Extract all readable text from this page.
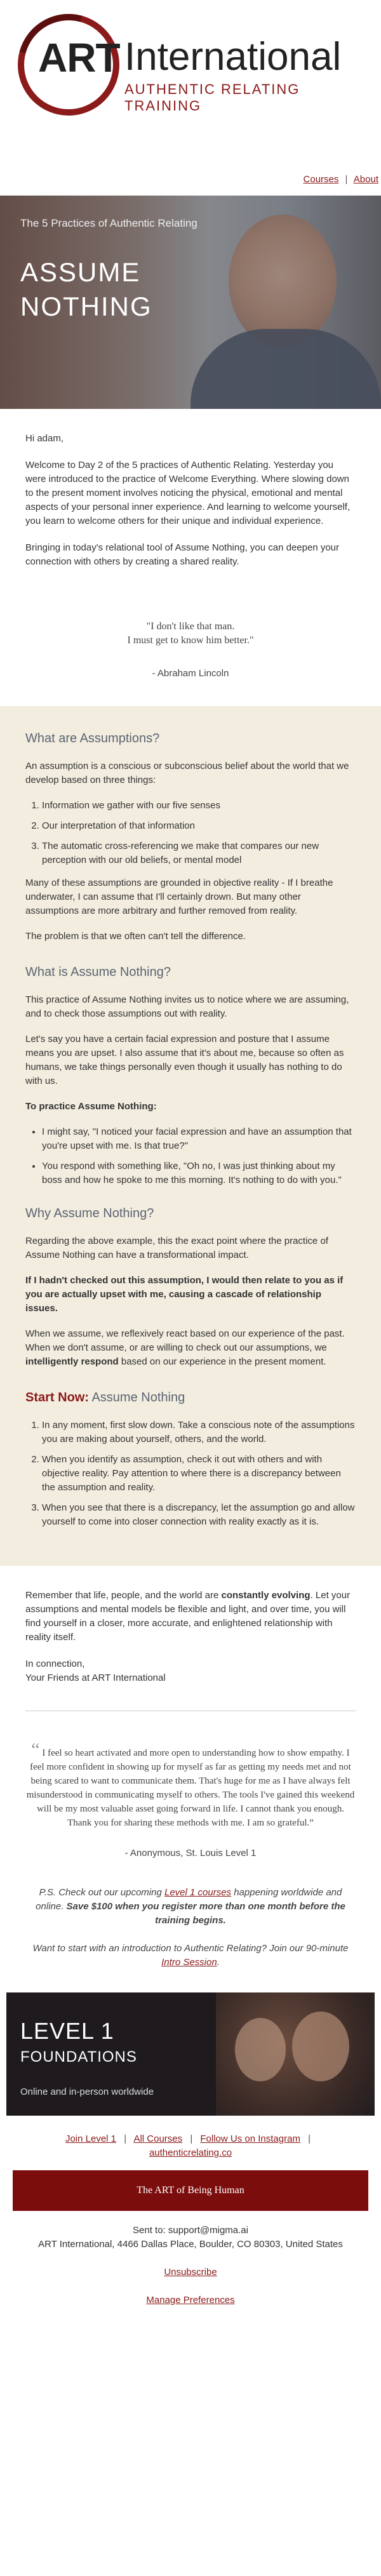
ART International
AUTHENTIC RELATING TRAINING
Courses | About
The 5 Practices of Authentic Relating
ASSUME
NOTHING

Hi adam,

Welcome to Day 2 of the 5 practices of Authentic Relating. Yesterday you were introduced to the practice of Welcome Everything. Where slowing down to the present moment involves noticing the physical, emotional and mental aspects of your personal inner experience. And learning to welcome yourself, you learn to welcome others for their unique and individual experience.

Bringing in today's relational tool of Assume Nothing, you can deepen your connection with others by creating a shared reality.

"I don't like that man.
I must get to know him better."
- Abraham Lincoln
What are Assumptions?

An assumption is a conscious or subconscious belief about the world that we develop based on three things:

1. Information we gather with our five senses
2. Our interpretation of that information
3. The automatic cross-referencing we make that compares our new perception with our old beliefs, or mental model

Many of these assumptions are grounded in objective reality - If I breathe underwater, I can assume that I'll certainly drown. But many other assumptions are more arbitrary and further removed from reality.

The problem is that we often can't tell the difference.

What is Assume Nothing?

This practice of Assume Nothing invites us to notice where we are assuming, and to check those assumptions out with reality.

Let's say you have a certain facial expression and posture that I assume means you are upset. I also assume that it's about me, because so often as humans, we take things personally even though it usually has nothing to do with us.

To practice Assume Nothing:

• I might say, "I noticed your facial expression and have an assumption that you're upset with me. Is that true?"
• You respond with something like, "Oh no, I was just thinking about my boss and how he spoke to me this morning. It's nothing to do with you."
Why Assume Nothing?

Regarding the above example, this the exact point where the practice of Assume Nothing can have a transformational impact.

If I hadn't checked out this assumption, I would then relate to you as if you are actually upset with me, causing a cascade of relationship issues.

When we assume, we reflexively react based on our experience of the past. When we don't assume, or are willing to check out our assumptions, we intelligently respond based on our experience in the present moment.

Start Now: Assume Nothing
1. In any moment, first slow down. Take a conscious note of the assumptions you are making about yourself, others, and the world.
2. When you identify as assumption, check it out with others and with objective reality. Pay attention to where there is a discrepancy between the assumption and reality.
3. When you see that there is a discrepancy, let the assumption go and allow yourself to come into closer connection with reality exactly as it is.

Remember that life, people, and the world are constantly evolving. Let your assumptions and mental models be flexible and light, and over time, you will find yourself in a closer, more accurate, and enlightened relationship with reality itself.

In connection,
Your Friends at ART International
“ I feel so heart activated and more open to understanding how to show empathy. I feel more confident in showing up for myself as far as getting my needs met and not being scared to want to communicate them. That's huge for me as I have always felt misunderstood in communicating myself to others. The tools I've gained this weekend will be my most valuable asset going forward in life. I cannot thank you enough. Thank you for sharing these methods with me. I am so grateful.”
- Anonymous, St. Louis Level 1

P.S. Check out our upcoming Level 1 courses happening worldwide and online. Save $100 when you register more than one month before the training begins.

Want to start with an introduction to Authentic Relating? Join our 90-minute Intro Session.

LEVEL 1
FOUNDATIONS
Online and in-person worldwide
Join Level 1 | All Courses | Follow Us on Instagram |
authenticrelating.co
The ART of Being Human

Sent to: support@migma.ai
ART International, 4466 Dallas Place, Boulder, CO 80303, United States

Unsubscribe

Manage Preferences
